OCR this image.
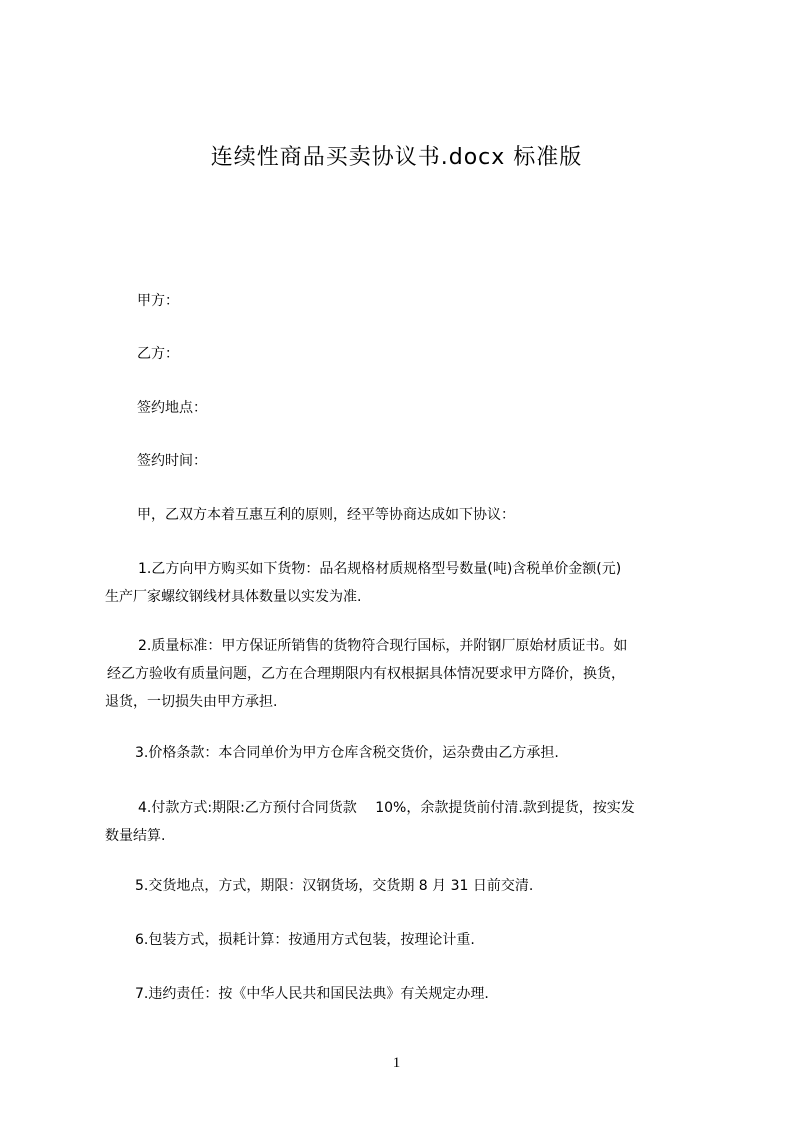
连续性商品买卖协议书.docx 标准版

甲方：

乙方：

签约地点：

签约时间：

甲，乙双方本着互惠互利的原则，经平等协商达成如下协议：

1.乙方向甲方购买如下货物：品名规格材质规格型号数量(吨)含税单价金额(元)
生产厂家螺纹钢线材具体数量以实发为准.
2.质量标准：甲方保证所销售的货物符合现行国标，并附钢厂原始材质证书。如
经乙方验收有质量问题，乙方在合理期限内有权根据具体情况要求甲方降价，换货，
退货，一切损失由甲方承担.
3.价格条款：本合同单价为甲方仓库含税交货价，运杂费由乙方承担.
4.付款方式:期限:乙方预付合同货款　 10%，余款提货前付清.款到提货，按实发
数量结算.
5.交货地点，方式，期限：汉钢货场，交货期 8 月 31 日前交清.
6.包装方式，损耗计算：按通用方式包装，按理论计重.
7.违约责任：按《中华人民共和国民法典》有关规定办理.
1
